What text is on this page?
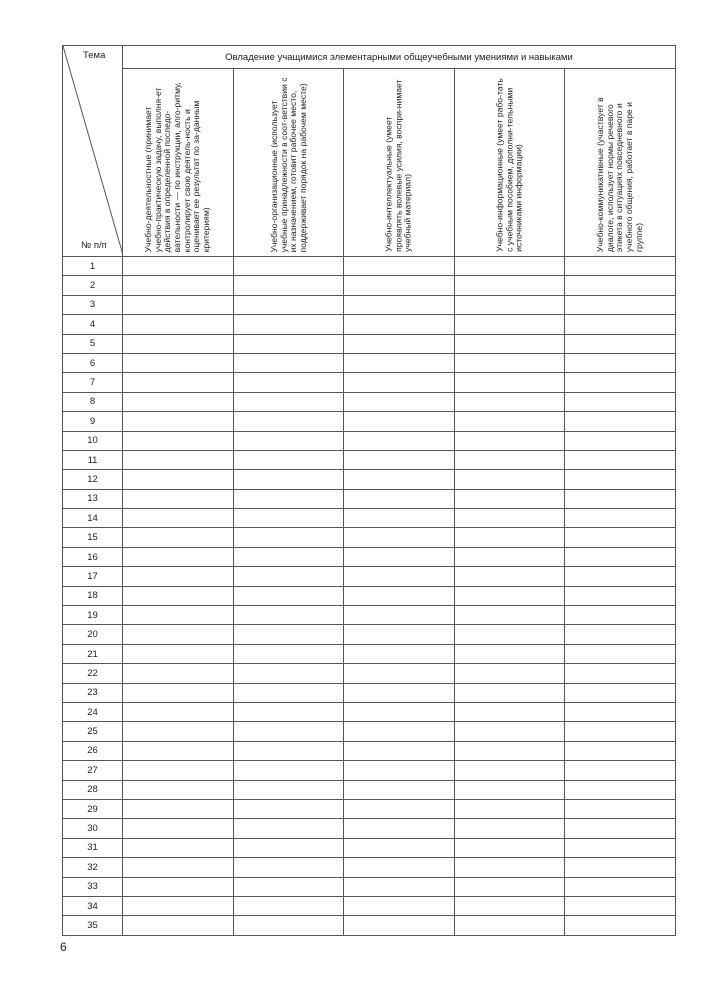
Тема
№ п/п	Овладение учащимися элементарными общеучебными умениями и навыками				

	Учебно-деятельностные (принимает учебно-практическую задачу, выполня-ет действия в определенной последо-вательности — по инструкции, алго-ритму, контролирует свою деятель-ность и оценивает ее результат по за-данным критериям)	Учебно-организационные (использует учебные принадлежности в соот-ветствии с их назначением, готовит рабочее место, поддерживает порядок на рабочем месте)	Учебно-интеллектуальные (умеет проявлять волевые усилия, воспри-нимает учебный материал)	Учебно-информационные (умеет рабо-тать с учебным пособием, дополни-тельными источниками информации)	Учебно-коммуникативные (участвует в диалоге, использует нормы речевого этикета в ситуациях повседневного и учебного общения, работает в паре и группе)

1					
2					
3					
4					
5					
6					
7					
8					
9					
10					
11					
12					
13					
14					
15					
16					
17					
18					
19					
20					
21					
22					
23					
24					
25					
26					
27					
28					
29					
30					
31					
32					
33					
34					
35					
6
